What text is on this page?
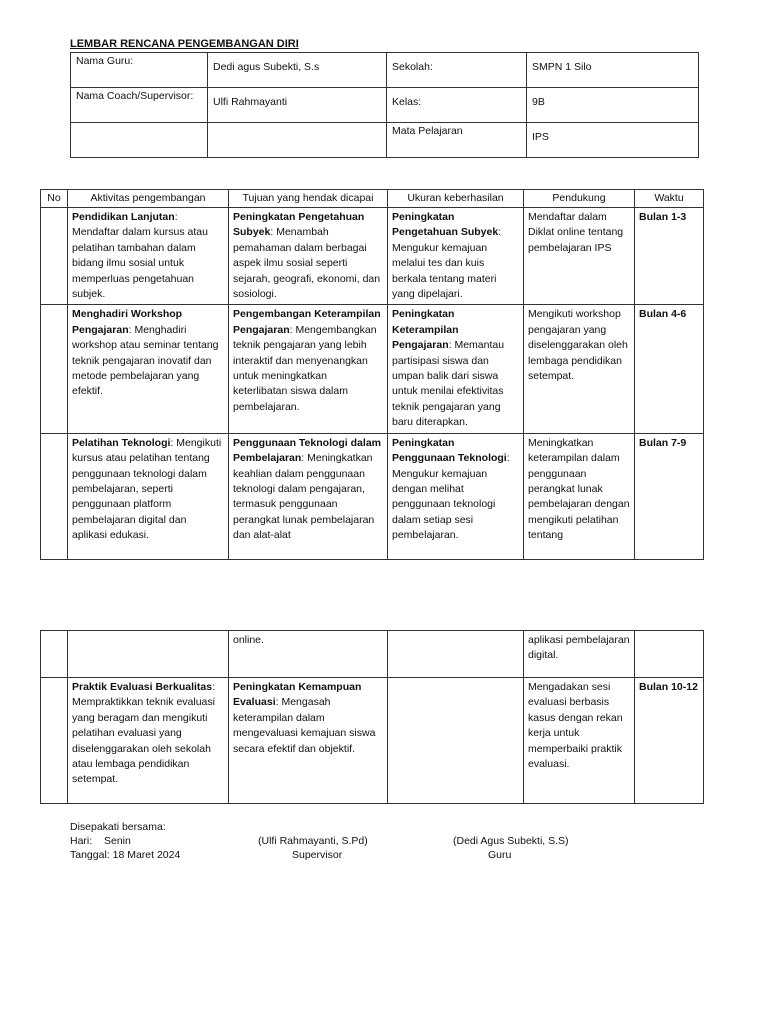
LEMBAR RENCANA PENGEMBANGAN DIRI
Nama Guru:	Dedi agus Subekti, S.s	Sekolah:	SMPN 1 Silo
Nama Coach/Supervisor:	Ulfi Rahmayanti	Kelas:	9B
		Mata Pelajaran	IPS
No	Aktivitas pengembangan	Tujuan yang hendak dicapai	Ukuran keberhasilan	Pendukung	Waktu
	Pendidikan Lanjutan: Mendaftar dalam kursus atau pelatihan tambahan dalam bidang ilmu sosial untuk memperluas pengetahuan subjek.	Peningkatan Pengetahuan Subyek: Menambah pemahaman dalam berbagai aspek ilmu sosial seperti sejarah, geografi, ekonomi, dan sosiologi.	Peningkatan Pengetahuan Subyek: Mengukur kemajuan melalui tes dan kuis berkala tentang materi yang dipelajari.	Mendaftar dalam Diklat online tentang pembelajaran IPS	Bulan 1-3
	Menghadiri Workshop Pengajaran: Menghadiri workshop atau seminar tentang teknik pengajaran inovatif dan metode pembelajaran yang efektif.	Pengembangan Keterampilan Pengajaran: Mengembangkan teknik pengajaran yang lebih interaktif dan menyenangkan untuk meningkatkan keterlibatan siswa dalam pembelajaran.	Peningkatan Keterampilan Pengajaran: Memantau partisipasi siswa dan umpan balik dari siswa untuk menilai efektivitas teknik pengajaran yang baru diterapkan.	Mengikuti workshop pengajaran yang diselenggarakan oleh lembaga pendidikan setempat.	Bulan 4-6
	Pelatihan Teknologi: Mengikuti kursus atau pelatihan tentang penggunaan teknologi dalam pembelajaran, seperti penggunaan platform pembelajaran digital dan aplikasi edukasi.	Penggunaan Teknologi dalam Pembelajaran: Meningkatkan keahlian dalam penggunaan teknologi dalam pengajaran, termasuk penggunaan perangkat lunak pembelajaran dan alat-alat	Peningkatan Penggunaan Teknologi: Mengukur kemajuan dengan melihat penggunaan teknologi dalam setiap sesi pembelajaran.	Meningkatkan keterampilan dalam penggunaan perangkat lunak pembelajaran dengan mengikuti pelatihan tentang	Bulan 7-9
		online.		aplikasi pembelajaran digital.	
	Praktik Evaluasi Berkualitas: Mempraktikkan teknik evaluasi yang beragam dan mengikuti pelatihan evaluasi yang diselenggarakan oleh sekolah atau lembaga pendidikan setempat.	Peningkatan Kemampuan Evaluasi: Mengasah keterampilan dalam mengevaluasi kemajuan siswa secara efektif dan objektif.		Mengadakan sesi evaluasi berbasis kasus dengan rekan kerja untuk memperbaiki praktik evaluasi.	Bulan 10-12
Disepakati bersama:
Hari: Senin
Tanggal: 18 Maret 2024
(Ulfi Rahmayanti, S.Pd)
Supervisor
(Dedi Agus Subekti, S.S)
Guru
